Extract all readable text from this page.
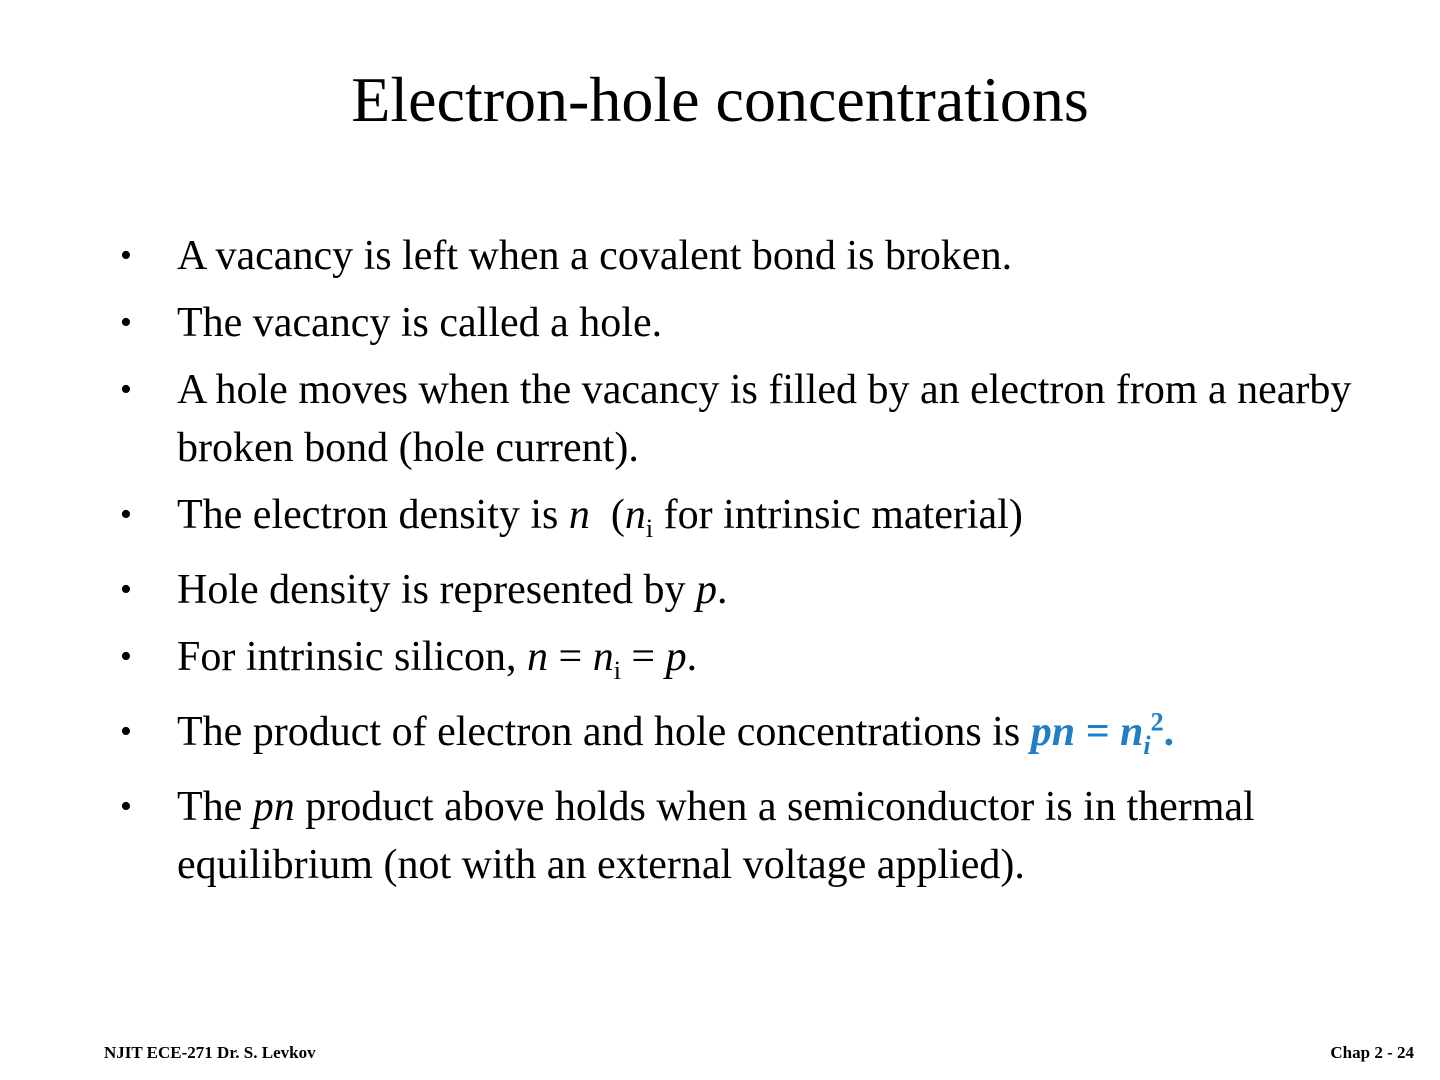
Electron-hole concentrations
• A vacancy is left when a covalent bond is broken.
• The vacancy is called a hole.
• A hole moves when the vacancy is filled by an electron from a nearby broken bond (hole current).
• The electron density is n  ($n_i$ for intrinsic material)
• Hole density is represented by p.
• For intrinsic silicon, $n = n_i = p$.
• The product of electron and hole concentrations is pn = $n_i^2$.
• The pn product above holds when a semiconductor is in thermal equilibrium (not with an external voltage applied).
NJIT ECE-271 Dr. S. Levkov	Chap 2 - 24
